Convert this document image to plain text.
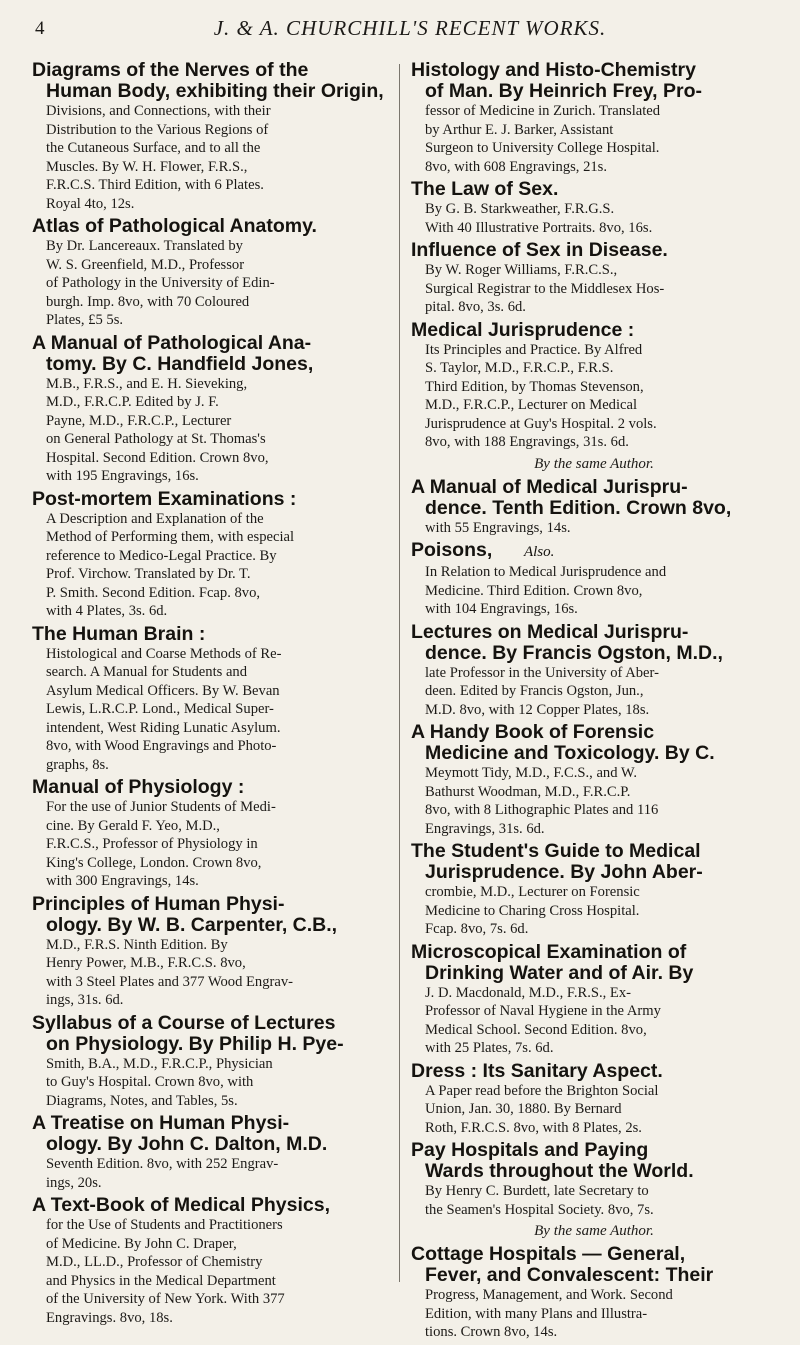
4	J. & A. CHURCHILL'S RECENT WORKS.
Diagrams of the Nerves of the
Human Body, exhibiting their Origin,
Divisions, and Connections, with their
Distribution to the Various Regions of
the Cutaneous Surface, and to all the
Muscles. By W. H. Flower, F.R.S.,
F.R.C.S. Third Edition, with 6 Plates.
Royal 4to, 12s.
Atlas of Pathological Anatomy.
By Dr. Lancereaux. Translated by
W. S. Greenfield, M.D., Professor
of Pathology in the University of Edin-
burgh. Imp. 8vo, with 70 Coloured
Plates, £5 5s.
A Manual of Pathological Ana-
tomy. By C. Handfield Jones,
M.B., F.R.S., and E. H. Sieveking,
M.D., F.R.C.P. Edited by J. F.
Payne, M.D., F.R.C.P., Lecturer
on General Pathology at St. Thomas's
Hospital. Second Edition. Crown 8vo,
with 195 Engravings, 16s.
Post-mortem Examinations :
A Description and Explanation of the
Method of Performing them, with especial
reference to Medico-Legal Practice. By
Prof. Virchow. Translated by Dr. T.
P. Smith. Second Edition. Fcap. 8vo,
with 4 Plates, 3s. 6d.
The Human Brain :
Histological and Coarse Methods of Re-
search. A Manual for Students and
Asylum Medical Officers. By W. Bevan
Lewis, L.R.C.P. Lond., Medical Super-
intendent, West Riding Lunatic Asylum.
8vo, with Wood Engravings and Photo-
graphs, 8s.
Manual of Physiology :
For the use of Junior Students of Medi-
cine. By Gerald F. Yeo, M.D.,
F.R.C.S., Professor of Physiology in
King's College, London. Crown 8vo,
with 300 Engravings, 14s.
Principles of Human Physi-
ology. By W. B. Carpenter, C.B.,
M.D., F.R.S. Ninth Edition. By
Henry Power, M.B., F.R.C.S. 8vo,
with 3 Steel Plates and 377 Wood Engrav-
ings, 31s. 6d.
Syllabus of a Course of Lectures
on Physiology. By Philip H. Pye-
Smith, B.A., M.D., F.R.C.P., Physician
to Guy's Hospital. Crown 8vo, with
Diagrams, Notes, and Tables, 5s.
A Treatise on Human Physi-
ology. By John C. Dalton, M.D.
Seventh Edition. 8vo, with 252 Engrav-
ings, 20s.
A Text-Book of Medical Physics,
for the Use of Students and Practitioners
of Medicine. By John C. Draper,
M.D., LL.D., Professor of Chemistry
and Physics in the Medical Department
of the University of New York. With 377
Engravings. 8vo, 18s.
Histology and Histo-Chemistry
of Man. By Heinrich Frey, Pro-
fessor of Medicine in Zurich. Translated
by Arthur E. J. Barker, Assistant
Surgeon to University College Hospital.
8vo, with 608 Engravings, 21s.
The Law of Sex.
By G. B. Starkweather, F.R.G.S.
With 40 Illustrative Portraits. 8vo, 16s.
Influence of Sex in Disease.
By W. Roger Williams, F.R.C.S.,
Surgical Registrar to the Middlesex Hos-
pital. 8vo, 3s. 6d.
Medical Jurisprudence :
Its Principles and Practice. By Alfred
S. Taylor, M.D., F.R.C.P., F.R.S.
Third Edition, by Thomas Stevenson,
M.D., F.R.C.P., Lecturer on Medical
Jurisprudence at Guy's Hospital. 2 vols.
8vo, with 188 Engravings, 31s. 6d.
By the same Author.
A Manual of Medical Jurispru-
dence. Tenth Edition. Crown 8vo,
with 55 Engravings, 14s.
Poisons, Also.
In Relation to Medical Jurisprudence and
Medicine. Third Edition. Crown 8vo,
with 104 Engravings, 16s.
Lectures on Medical Jurispru-
dence. By Francis Ogston, M.D.,
late Professor in the University of Aber-
deen. Edited by Francis Ogston, Jun.,
M.D. 8vo, with 12 Copper Plates, 18s.
A Handy Book of Forensic
Medicine and Toxicology. By C.
Meymott Tidy, M.D., F.C.S., and W.
Bathurst Woodman, M.D., F.R.C.P.
8vo, with 8 Lithographic Plates and 116
Engravings, 31s. 6d.
The Student's Guide to Medical
Jurisprudence. By John Aber-
crombie, M.D., Lecturer on Forensic
Medicine to Charing Cross Hospital.
Fcap. 8vo, 7s. 6d.
Microscopical Examination of
Drinking Water and of Air. By
J. D. Macdonald, M.D., F.R.S., Ex-
Professor of Naval Hygiene in the Army
Medical School. Second Edition. 8vo,
with 25 Plates, 7s. 6d.
Dress : Its Sanitary Aspect.
A Paper read before the Brighton Social
Union, Jan. 30, 1880. By Bernard
Roth, F.R.C.S. 8vo, with 8 Plates, 2s.
Pay Hospitals and Paying
Wards throughout the World.
By Henry C. Burdett, late Secretary to
the Seamen's Hospital Society. 8vo, 7s.
By the same Author.
Cottage Hospitals — General,
Fever, and Convalescent: Their
Progress, Management, and Work. Second
Edition, with many Plans and Illustra-
tions. Crown 8vo, 14s.
